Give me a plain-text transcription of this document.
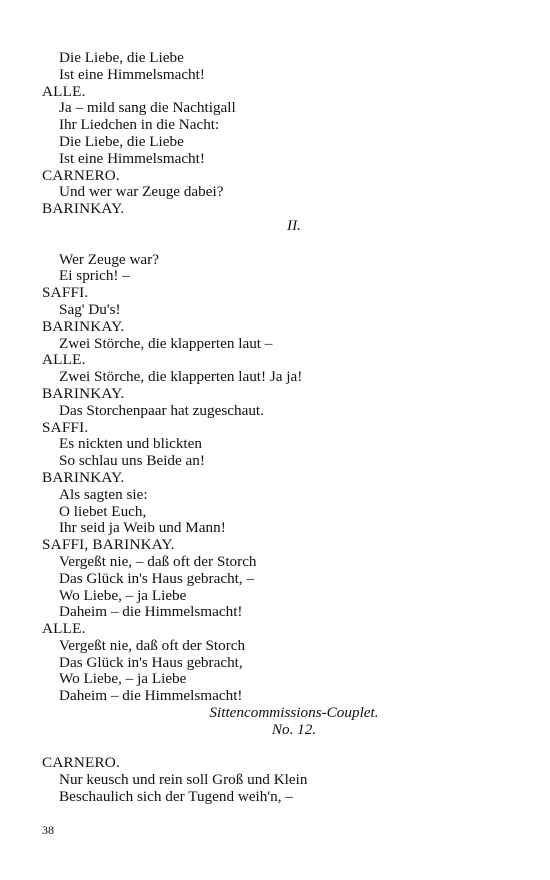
Die Liebe, die Liebe
Ist eine Himmelsmacht!
ALLE.
Ja – mild sang die Nachtigall
Ihr Liedchen in die Nacht:
Die Liebe, die Liebe
Ist eine Himmelsmacht!
CARNERO.
Und wer war Zeuge dabei?
BARINKAY.
II.
Wer Zeuge war?
Ei sprich! –
SAFFI.
Sag' Du's!
BARINKAY.
Zwei Störche, die klapperten laut –
ALLE.
Zwei Störche, die klapperten laut! Ja ja!
BARINKAY.
Das Storchenpaar hat zugeschaut.
SAFFI.
Es nickten und blickten
So schlau uns Beide an!
BARINKAY.
Als sagten sie:
O liebet Euch,
Ihr seid ja Weib und Mann!
SAFFI, BARINKAY.
Vergeßt nie, – daß oft der Storch
Das Glück in's Haus gebracht, –
Wo Liebe, – ja Liebe
Daheim – die Himmelsmacht!
ALLE.
Vergeßt nie, daß oft der Storch
Das Glück in's Haus gebracht,
Wo Liebe, – ja Liebe
Daheim – die Himmelsmacht!
Sittencommissions-Couplet.
No. 12.
CARNERO.
Nur keusch und rein soll Groß und Klein
Beschaulich sich der Tugend weih'n, –
38
